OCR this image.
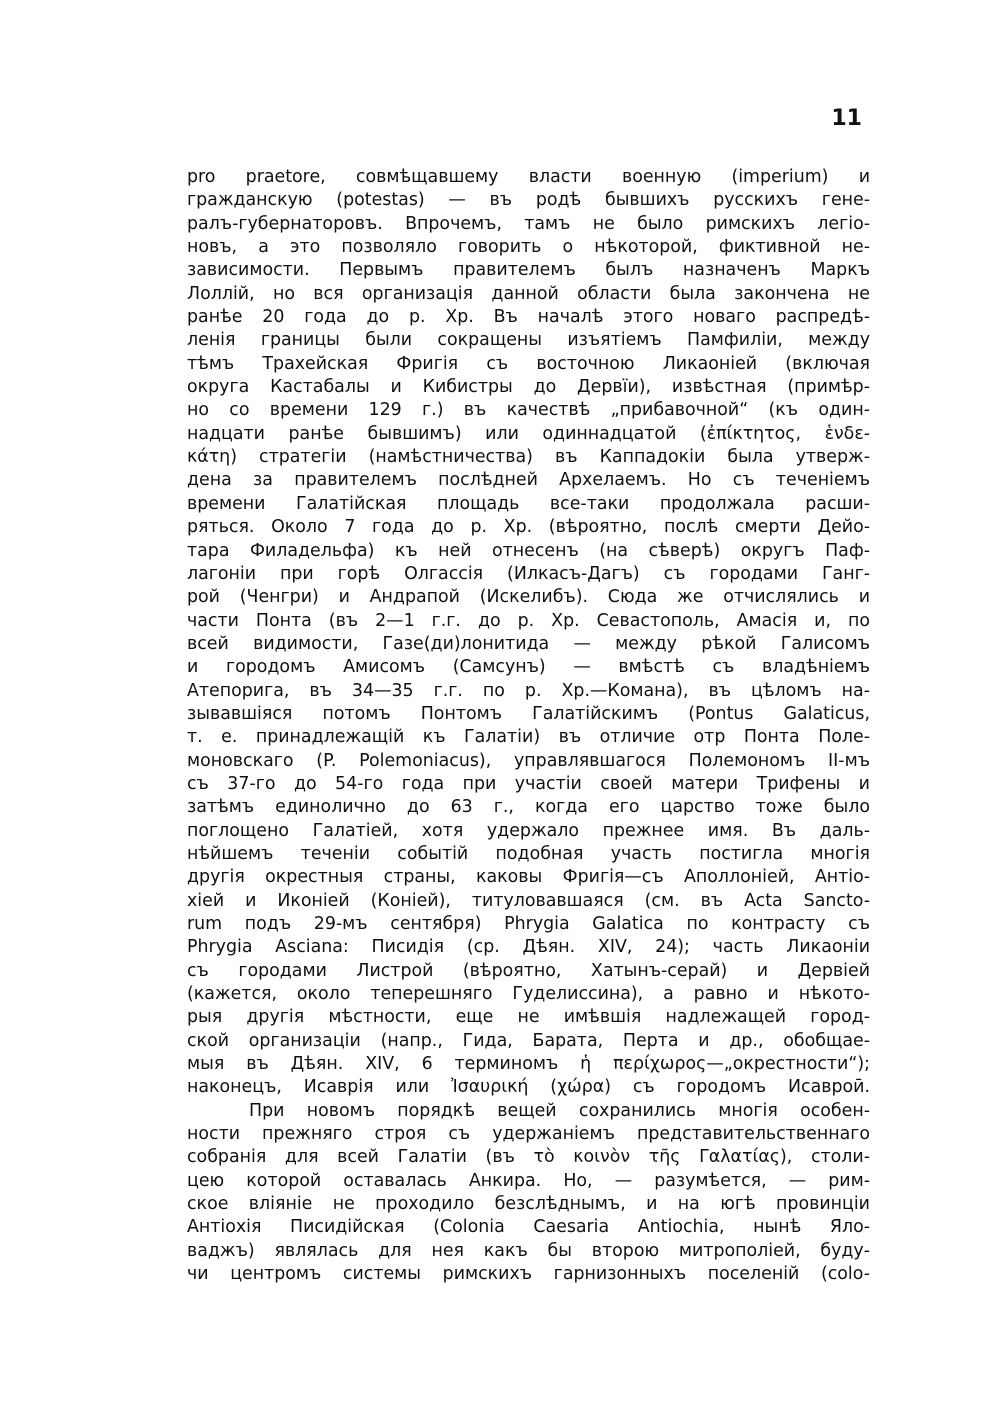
11
pro praetore, совмѣщавшему власти военную (imperium) и
гражданскую (potestas) — въ родѣ бывшихъ русскихъ гене-
ралъ-губернаторовъ. Впрочемъ, тамъ не было римскихъ легіо-
новъ, а это позволяло говорить о нѣкоторой, фиктивной не-
зависимости. Первымъ правителемъ былъ назначенъ Маркъ
Лоллій, но вся организація данной области была закончена не
ранѣе 20 года до р. Хр. Въ началѣ этого новаго распредѣ-
ленія границы были сокращены изъятіемъ Памфиліи, между
тѣмъ Трахейская Фригія съ восточною Ликаоніей (включая
округа Кастабалы и Кибистры до Дервїи), извѣстная (примѣр-
но со времени 129 г.) въ качествѣ „прибавочной“ (къ один-
надцати ранѣе бывшимъ) или одиннадцатой (ἐπίκτητος, ἑνδε-
κάτη) стратегіи (намѣстничества) въ Каппадокіи была утверж-
дена за правителемъ послѣдней Архелаемъ. Но съ теченіемъ
времени Галатійская площадь все-таки продолжала расши-
ряться. Около 7 года до р. Хр. (вѣроятно, послѣ смерти Дейо-
тара Филадельфа) къ ней отнесенъ (на сѣверѣ) округъ Паф-
лагоніи при горѣ Олгассія (Илкасъ-Дагъ) съ городами Ганг-
рой (Ченгри) и Андрапой (Искелибъ). Сюда же отчислялись и
части Понта (въ 2—1 г.г. до р. Хр. Севастополь, Амасія и, по
всей видимости, Газе(ди)лонитида — между рѣкой Галисомъ
и городомъ Амисомъ (Самсунъ) — вмѣстѣ съ владѣніемъ
Атепорига, въ 34—35 г.г. по р. Хр.—Комана), въ цѣломъ на-
зывавшіяся потомъ Понтомъ Галатійскимъ (Pontus Galaticus,
т. е. принадлежащій къ Галатіи) въ отличие отр Понта Поле-
моновскаго (P. Polemoniacus), управлявшагося Полемономъ II-мъ
съ 37-го до 54-го года при участіи своей матери Трифены и
затѣмъ единолично до 63 г., когда его царство тоже было
поглощено Галатіей, хотя удержало прежнее имя. Въ даль-
нѣйшемъ теченіи событій подобная участь постигла многія
другія окрестныя страны, каковы Фригія—съ Аполлоніей, Антіо-
хіей и Иконіей (Коніей), титуловавшаяся (см. въ Acta Sancto-
rum подъ 29-мъ сентября) Phrygia Galatica по контрасту съ
Phrygia Asciana: Писидія (ср. Дѣян. XIV, 24); часть Ликаоніи
съ городами Листрой (вѣроятно, Хатынъ-серай) и Дервіей
(кажется, около теперешняго Гуделиссина), а равно и нѣкото-
рыя другія мѣстности, еще не имѣвшія надлежащей город-
ской организаціи (напр., Гида, Барата, Перта и др., обобщае-
мыя въ Дѣян. XIV, 6 терминомъ ἡ περίχωρος—„окрестности“);
наконецъ, Исаврія или Ἰσαυρική (χώρα) съ городомъ Исавроӣ.
При новомъ порядкѣ вещей сохранились многія особен-
ности прежняго строя съ удержаніемъ представительственнаго
собранія для всей Галатіи (въ τὸ κοινὸν τῆς Γαλατίας), столи-
цею которой оставалась Анкира. Но, — разумѣется, — рим-
ское вліяніе не проходило безслѣднымъ, и на югѣ провинціи
Антіохія Писидійская (Colonia Caesaria Antiochia, нынѣ Яло-
ваджъ) являлась для нея какъ бы второю митрополіей, буду-
чи центромъ системы римскихъ гарнизонныхъ поселеній (colo-
